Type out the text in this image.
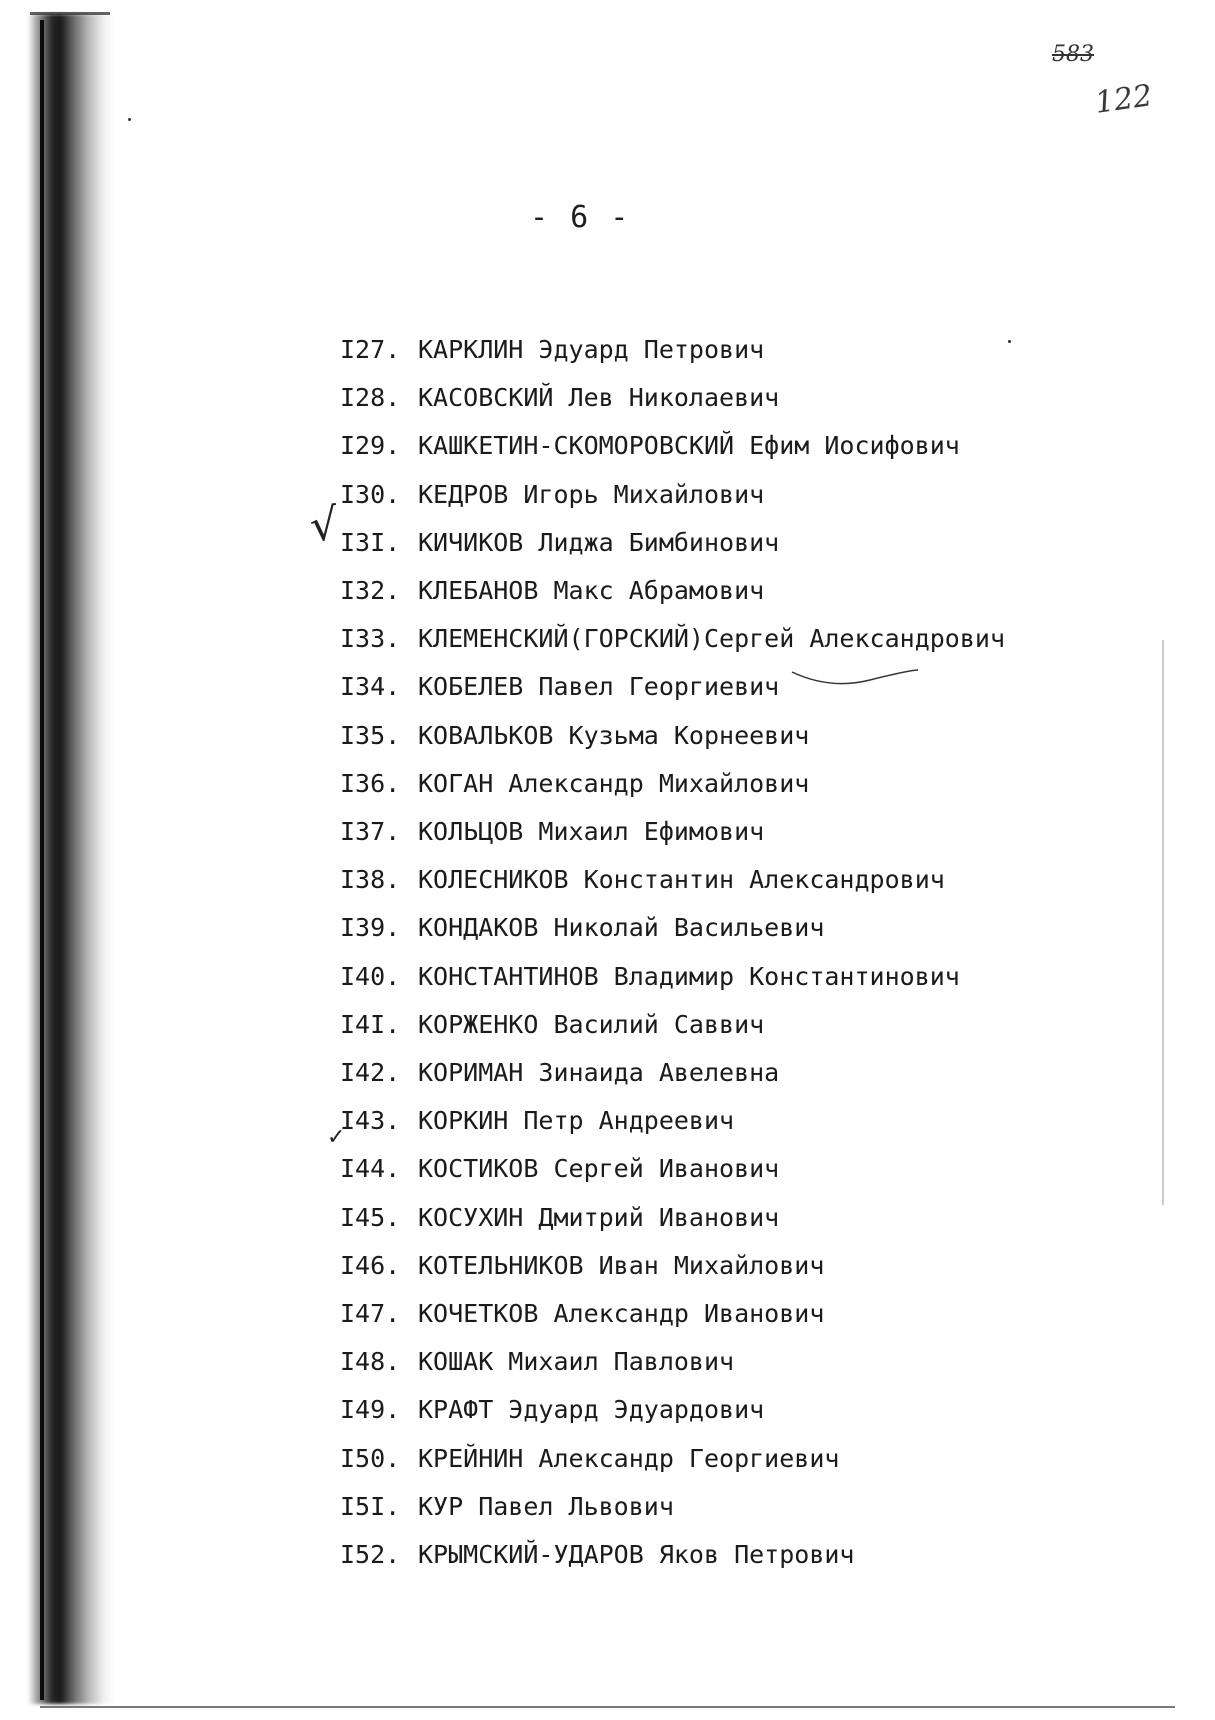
583
122
- 6 -
√
✓
I27. КАРКЛИН Эдуард Петрович
I28. КАСОВСКИЙ Лев Николаевич
I29. КАШКЕТИН-СКОМОРОВСКИЙ Ефим Иосифович
I30. КЕДРОВ Игорь Михайлович
I3I. КИЧИКОВ Лиджа Бимбинович
I32. КЛЕБАНОВ Макс Абрамович
I33. КЛЕМЕНСКИЙ(ГОРСКИЙ)Сергей Александрович
I34. КОБЕЛЕВ Павел Георгиевич
I35. КОВАЛЬКОВ Кузьма Корнеевич
I36. КОГАН Александр Михайлович
I37. КОЛЬЦОВ Михаил Ефимович
I38. КОЛЕСНИКОВ Константин Александрович
I39. КОНДАКОВ Николай Васильевич
I40. КОНСТАНТИНОВ Владимир Константинович
I4I. КОРЖЕНКО Василий Саввич
I42. КОРИМАН Зинаида Авелевна
I43. КОРКИН Петр Андреевич
I44. КОСТИКОВ Сергей Иванович
I45. КОСУХИН Дмитрий Иванович
I46. КОТЕЛЬНИКОВ Иван Михайлович
I47. КОЧЕТКОВ Александр Иванович
I48. КОШАК Михаил Павлович
I49. КРАФТ Эдуард Эдуардович
I50. КРЕЙНИН Александр Георгиевич
I5I. КУР Павел Львович
I52. КРЫМСКИЙ-УДАРОВ Яков Петрович
